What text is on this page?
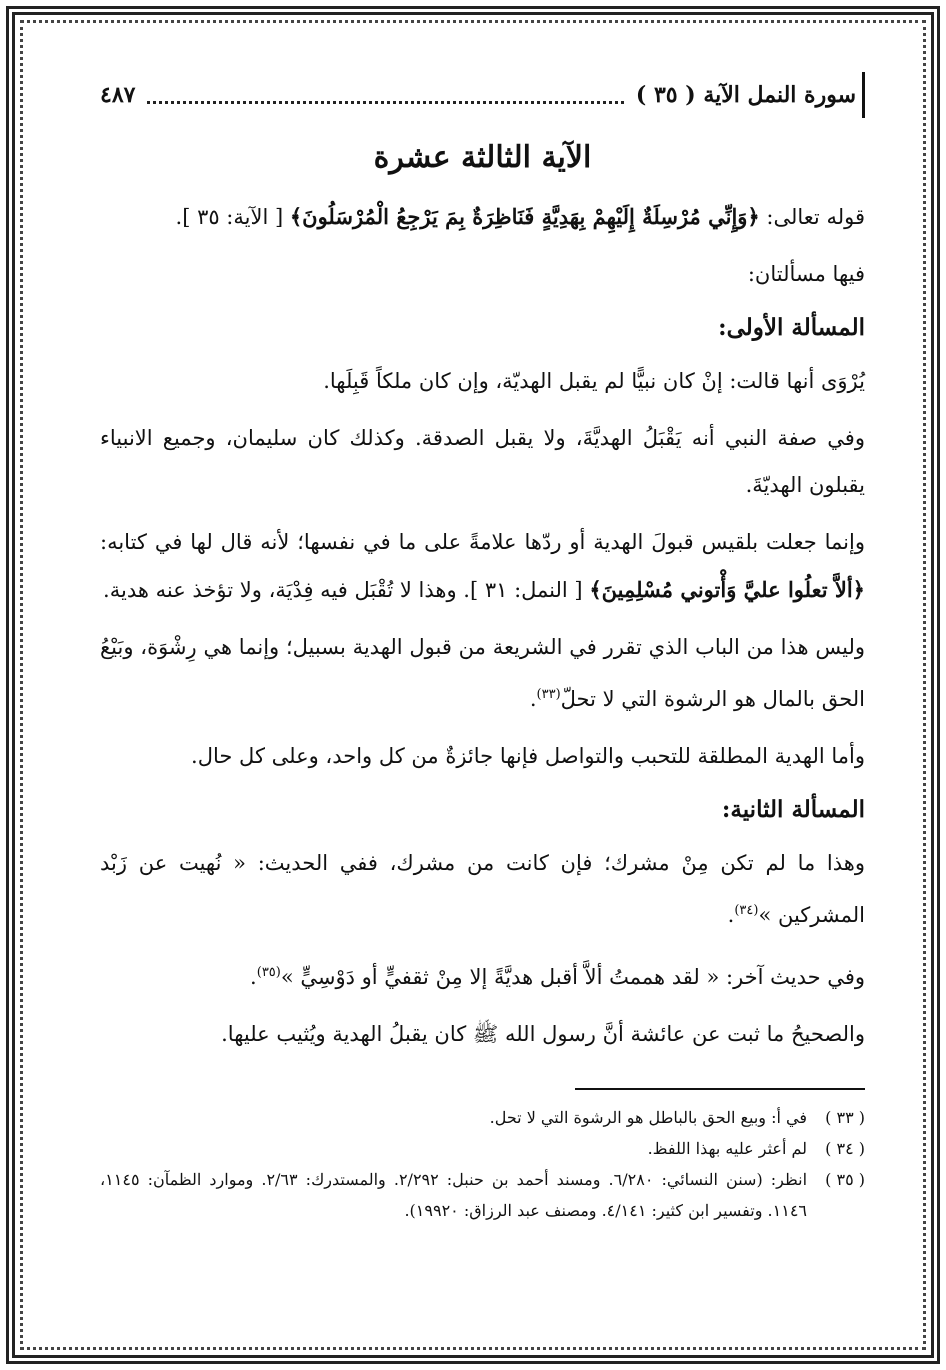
سورة النمل الآية ( ٣٥ )
٤٨٧
الآية الثالثة عشرة

قوله تعالى: ﴿وَإِنِّي مُرْسِلَةٌ إِلَيْهِمْ بِهَدِيَّةٍ فَنَاظِرَةٌ بِمَ يَرْجِعُ الْمُرْسَلُونَ﴾ [ الآية: ٣٥ ].

فيها مسألتان:

المسألة الأولى:

يُرْوَى أنها قالت: إنْ كان نبيًّا لم يقبل الهديّة، وإن كان ملكاً قَبِلَها.

وفي صفة النبي أنه يَقْبَلُ الهديَّةَ، ولا يقبل الصدقة. وكذلك كان سليمان، وجميع الانبياء يقبلون الهديّةَ.

وإنما جعلت بلقيس قبولَ الهدية أو ردّها علامةً على ما في نفسها؛ لأنه قال لها في كتابه: ﴿ألاَّ تعلُوا عليَّ وَأْتوني مُسْلِمِينَ﴾ [ النمل: ٣١ ]. وهذا لا تُقْبَل فيه فِدْيَة، ولا تؤخذ عنه هدية.

وليس هذا من الباب الذي تقرر في الشريعة من قبول الهدية بسبيل؛ وإنما هي رِشْوَة، وبَيْعُ الحق بالمال هو الرشوة التي لا تحلّ$^{(٣٣)}$.

وأما الهدية المطلقة للتحبب والتواصل فإنها جائزةٌ من كل واحد، وعلى كل حال.

المسألة الثانية:

وهذا ما لم تكن مِنْ مشرك؛ فإن كانت من مشرك، ففي الحديث: « نُهيت عن زَبْد المشركين »$^{(٣٤)}$.

وفي حديث آخر: « لقد هممتُ ألاَّ أقبل هديَّةً إلا مِنْ ثقفيٍّ أو دَوْسِيٍّ »$^{(٣٥)}$.

والصحيحُ ما ثبت عن عائشة أنَّ رسول الله ﷺ كان يقبلُ الهدية ويُثيب عليها.

( ٣٣ )
في أ: وبيع الحق بالباطل هو الرشوة التي لا تحل.
( ٣٤ )
لم أعثر عليه بهذا اللفظ.
( ٣٥ )
انظر: (سنن النسائي: ٦/٢٨٠. ومسند أحمد بن حنبل: ٢/٢٩٢. والمستدرك: ٢/٦٣. وموارد الظمآن: ١١٤٥، ١١٤٦. وتفسير ابن كثير: ٤/١٤١. ومصنف عبد الرزاق: ١٩٩٢٠).
